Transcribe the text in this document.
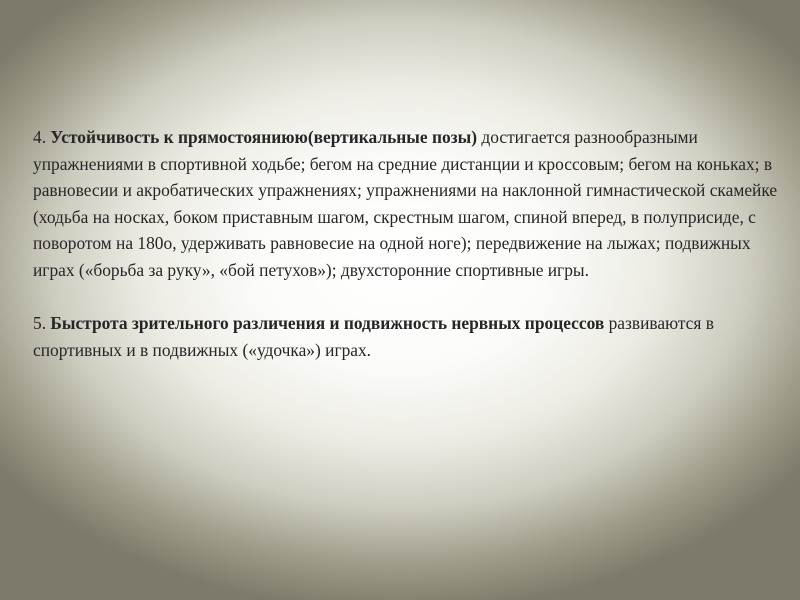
4. Устойчивость к прямостояниюю(вертикальные позы) достигается разнообразными упражнениями в спортивной ходьбе; бегом на средние дистанции и кроссовым; бегом на коньках; в равновесии и акробатических упражнениях; упражнениями на наклонной гимнастической скамейке (ходьба на носках, боком приставным шагом, скрестным шагом, спиной вперед, в полуприсиде, с поворотом на 180о, удерживать равновесие на одной ноге); передвижение на лыжах; подвижных играх («борьба за руку», «бой петухов»); двухсторонние спортивные игры.

5. Быстрота зрительного различения и подвижность нервных процессов развиваются в спортивных и в подвижных («удочка») играх.
